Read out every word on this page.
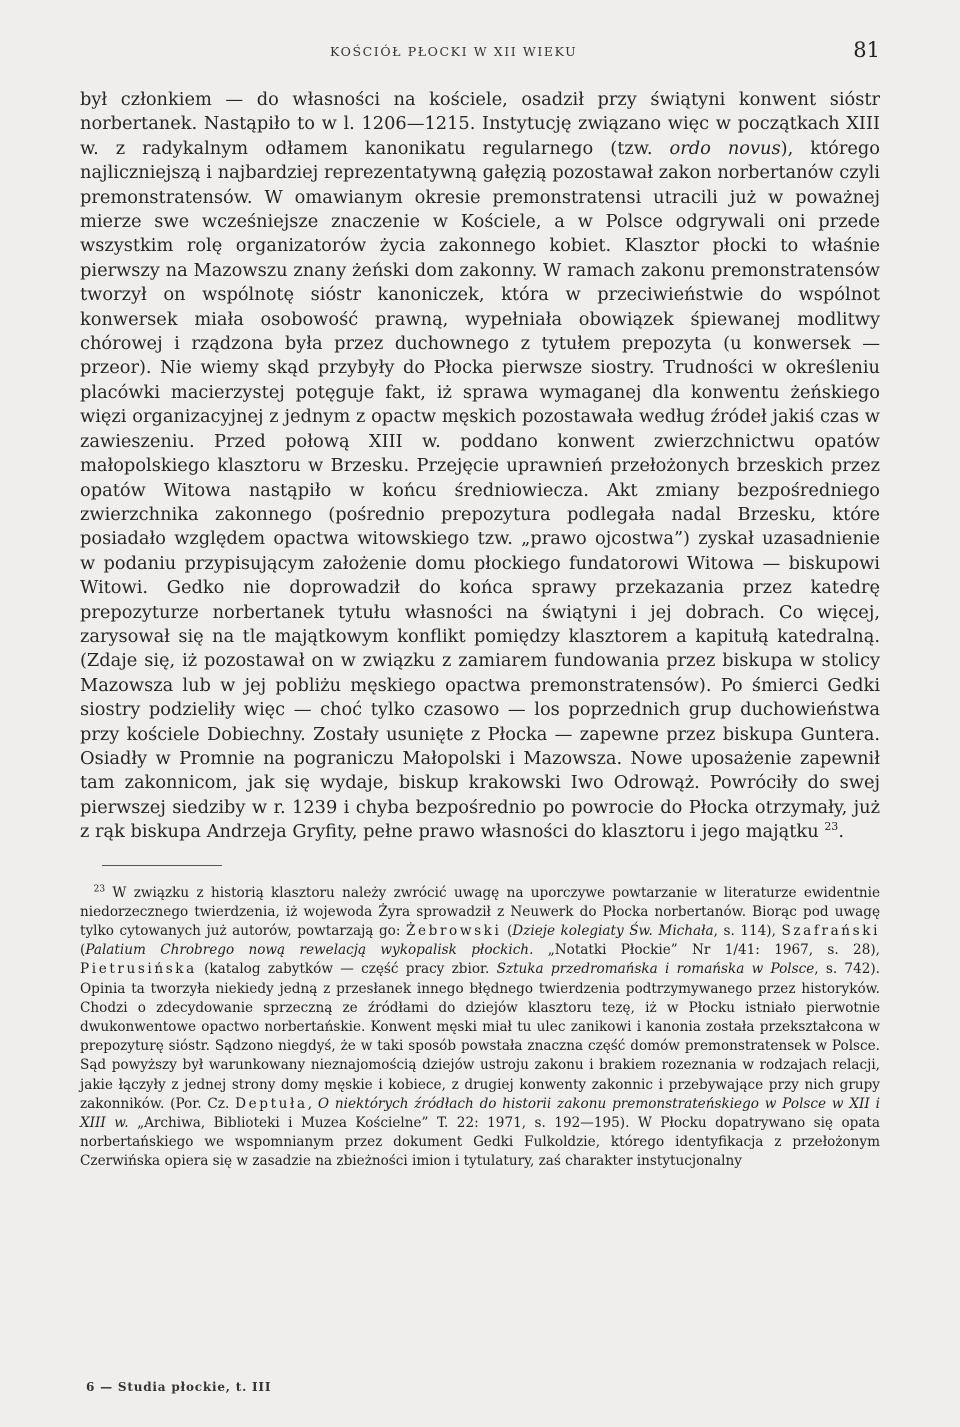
KOŚCIÓŁ PŁOCKI W XII WIEKU	81

był członkiem — do własności na kościele, osadził przy świątyni konwent sióstr norbertanek. Nastąpiło to w l. 1206—1215. Instytucję związano więc w początkach XIII w. z radykalnym odłamem kanonikatu regularnego (tzw. ordo novus), którego najliczniejszą i najbardziej reprezentatywną gałęzią pozostawał zakon norbertanów czyli premonstratensów. W omawianym okresie premonstratensi utracili już w poważnej mierze swe wcześniejsze znaczenie w Kościele, a w Polsce odgrywali oni przede wszystkim rolę organizatorów życia zakonnego kobiet. Klasztor płocki to właśnie pierwszy na Mazowszu znany żeński dom zakonny. W ramach zakonu premonstratensów tworzył on wspólnotę sióstr kanoniczek, która w przeciwieństwie do wspólnot konwersek miała osobowość prawną, wypełniała obowiązek śpiewanej modlitwy chórowej i rządzona była przez duchownego z tytułem prepozyta (u konwersek — przeor). Nie wiemy skąd przybyły do Płocka pierwsze siostry. Trudności w określeniu placówki macierzystej potęguje fakt, iż sprawa wymaganej dla konwentu żeńskiego więzi organizacyjnej z jednym z opactw męskich pozostawała według źródeł jakiś czas w zawieszeniu. Przed połową XIII w. poddano konwent zwierzchnictwu opatów małopolskiego klasztoru w Brzesku. Przejęcie uprawnień przełożonych brzeskich przez opatów Witowa nastąpiło w końcu średniowiecza. Akt zmiany bezpośredniego zwierzchnika zakonnego (pośrednio prepozytura podlegała nadal Brzesku, które posiadało względem opactwa witowskiego tzw. „prawo ojcostwa”) zyskał uzasadnienie w podaniu przypisującym założenie domu płockiego fundatorowi Witowa — biskupowi Witowi. Gedko nie doprowadził do końca sprawy przekazania przez katedrę prepozyturze norbertanek tytułu własności na świątyni i jej dobrach. Co więcej, zarysował się na tle majątkowym konflikt pomiędzy klasztorem a kapitułą katedralną. (Zdaje się, iż pozostawał on w związku z zamiarem fundowania przez biskupa w stolicy Mazowsza lub w jej pobliżu męskiego opactwa premonstratensów). Po śmierci Gedki siostry podzieliły więc — choć tylko czasowo — los poprzednich grup duchowieństwa przy kościele Dobiechny. Zostały usunięte z Płocka — zapewne przez biskupa Guntera. Osiadły w Promnie na pograniczu Małopolski i Mazowsza. Nowe uposażenie zapewnił tam zakonnicom, jak się wydaje, biskup krakowski Iwo Odrowąż. Powróciły do swej pierwszej siedziby w r. 1239 i chyba bezpośrednio po powrocie do Płocka otrzymały, już z rąk biskupa Andrzeja Gryfity, pełne prawo własności do klasztoru i jego majątku $^{23}$.

 $^{23}$ W związku z historią klasztoru należy zwrócić uwagę na uporczywe powtarzanie w literaturze ewidentnie niedorzecznego twierdzenia, iż wojewoda Żyra sprowadził z Neuwerk do Płocka norbertanów. Biorąc pod uwagę tylko cytowanych już autorów, powtarzają go: Żebrowski (Dzieje kolegiaty Św. Michała, s. 114), Szafrański (Palatium Chrobrego nową rewelacją wykopalisk płockich. „Notatki Płockie” Nr 1/41: 1967, s. 28), Pietrusińska (katalog zabytków — część pracy zbior. Sztuka przedromańska i romańska w Polsce, s. 742). Opinia ta tworzyła niekiedy jedną z przesłanek innego błędnego twierdzenia podtrzymywanego przez historyków. Chodzi o zdecydowanie sprzeczną ze źródłami do dziejów klasztoru tezę, iż w Płocku istniało pierwotnie dwukonwentowe opactwo norbertańskie. Konwent męski miał tu ulec zanikowi i kanonia została przekształcona w prepozyturę sióstr. Sądzono niegdyś, że w taki sposób powstała znaczna część domów premonstratensek w Polsce. Sąd powyższy był warunkowany nieznajomością dziejów ustroju zakonu i brakiem rozeznania w rodzajach relacji, jakie łączyły z jednej strony domy męskie i kobiece, z drugiej konwenty zakonnic i przebywające przy nich grupy zakonników. (Por. Cz. Deptuła, O niektórych źródłach do historii zakonu premonstrateńskiego w Polsce w XII i XIII w. „Archiwa, Biblioteki i Muzea Kościelne” T. 22: 1971, s. 192—195). W Płocku dopatrywano się opata norbertańskiego we wspomnianym przez dokument Gedki Fulkoldzie, którego identyfikacja z przełożonym Czerwińska opiera się w zasadzie na zbieżności imion i tytulatury, zaś charakter instytucjonalny

6 — Studia płockie, t. III
